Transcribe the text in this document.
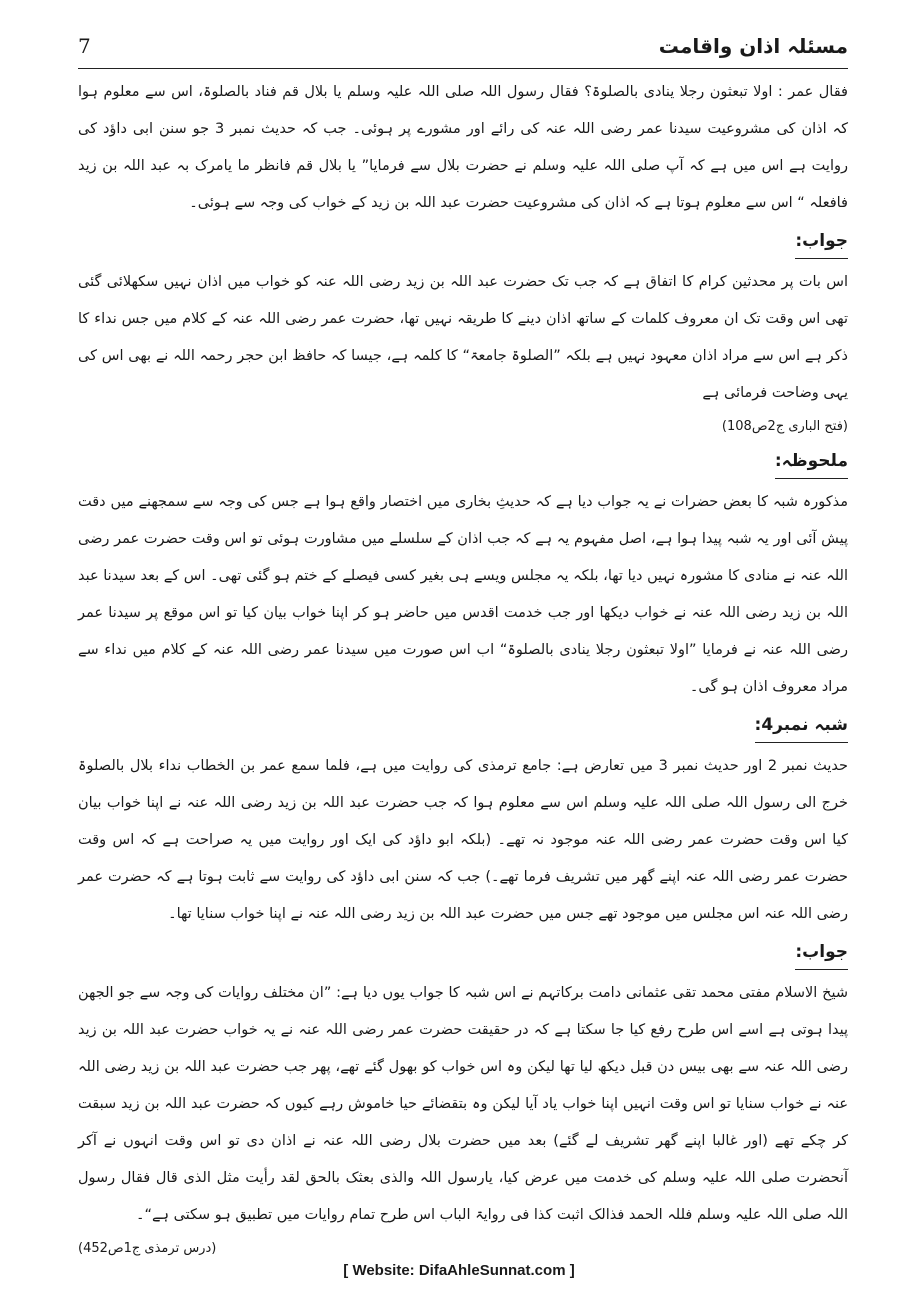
7	مسئلہ اذان واقامت

فقال عمر : اولا تبعثون رجلا ینادی بالصلوۃ؟ فقال رسول اللہ صلی اللہ علیہ وسلم یا بلال قم فناد بالصلوۃ، اس سے معلوم ہوا کہ اذان کی مشروعیت سیدنا عمر رضی اللہ عنہ کی رائے اور مشورے پر ہوئی۔ جب کہ حدیث نمبر 3 جو سنن ابی داؤد کی روایت ہے اس میں ہے کہ آپ صلی اللہ علیہ وسلم نے حضرت بلال سے فرمایا” یا بلال قم فانظر ما یامرک بہ عبد اللہ بن زید فافعلہ “ اس سے معلوم ہوتا ہے کہ اذان کی مشروعیت حضرت عبد اللہ بن زید کے خواب کی وجہ سے ہوئی۔

جواب:

اس بات پر محدثین کرام کا اتفاق ہے کہ جب تک حضرت عبد اللہ بن زید رضی اللہ عنہ کو خواب میں اذان نہیں سکھلائی گئی تھی اس وقت تک ان معروف کلمات کے ساتھ اذان دینے کا طریقہ نہیں تھا، حضرت عمر رضی اللہ عنہ کے کلام میں جس نداء کا ذکر ہے اس سے مراد اذان معہود نہیں ہے بلکہ ”الصلوۃ جامعۃ“ کا کلمہ ہے، جیسا کہ حافظ ابن حجر رحمہ اللہ نے بھی اس کی یہی وضاحت فرمائی ہے

(فتح الباری ج2ص108)
ملحوظہ:

مذکورہ شبہ کا بعض حضرات نے یہ جواب دیا ہے کہ حدیثِ بخاری میں اختصار واقع ہوا ہے جس کی وجہ سے سمجھنے میں دقت پیش آئی اور یہ شبہ پیدا ہوا ہے، اصل مفہوم یہ ہے کہ جب اذان کے سلسلے میں مشاورت ہوئی تو اس وقت حضرت عمر رضی اللہ عنہ نے منادی کا مشورہ نہیں دیا تھا، بلکہ یہ مجلس ویسے ہی بغیر کسی فیصلے کے ختم ہو گئی تھی۔ اس کے بعد سیدنا عبد اللہ بن زید رضی اللہ عنہ نے خواب دیکھا اور جب خدمت اقدس میں حاضر ہو کر اپنا خواب بیان کیا تو اس موقع پر سیدنا عمر رضی اللہ عنہ نے فرمایا ”اولا تبعثون رجلا ینادی بالصلوۃ“ اب اس صورت میں سیدنا عمر رضی اللہ عنہ کے کلام میں نداء سے مراد معروف اذان ہو گی۔

شبہ نمبر4:

حدیث نمبر 2 اور حدیث نمبر 3 میں تعارض ہے: جامع ترمذی کی روایت میں ہے، فلما سمع عمر بن الخطاب نداء بلال بالصلوۃ خرج الی رسول اللہ صلی اللہ علیہ وسلم اس سے معلوم ہوا کہ جب حضرت عبد اللہ بن زید رضی اللہ عنہ نے اپنا خواب بیان کیا اس وقت حضرت عمر رضی اللہ عنہ موجود نہ تھے۔ (بلکہ ابو داؤد کی ایک اور روایت میں یہ صراحت ہے کہ اس وقت حضرت عمر رضی اللہ عنہ اپنے گھر میں تشریف فرما تھے۔) جب کہ سنن ابی داؤد کی روایت سے ثابت ہوتا ہے کہ حضرت عمر رضی اللہ عنہ اس مجلس میں موجود تھے جس میں حضرت عبد اللہ بن زید رضی اللہ عنہ نے اپنا خواب سنایا تھا۔

جواب:

شیخ الاسلام مفتی محمد تقی عثمانی دامت برکاتہم نے اس شبہ کا جواب یوں دیا ہے: ”ان مختلف روایات کی وجہ سے جو الجھن پیدا ہوتی ہے اسے اس طرح رفع کیا جا سکتا ہے کہ در حقیقت حضرت عمر رضی اللہ عنہ نے یہ خواب حضرت عبد اللہ بن زید رضی اللہ عنہ سے بھی بیس دن قبل دیکھ لیا تھا لیکن وہ اس خواب کو بھول گئے تھے، پھر جب حضرت عبد اللہ بن زید رضی اللہ عنہ نے خواب سنایا تو اس وقت انہیں اپنا خواب یاد آیا لیکن وہ بتقضائے حیا خاموش رہے کیوں کہ حضرت عبد اللہ بن زید سبقت کر چکے تھے (اور غالبا اپنے گھر تشریف لے گئے) بعد میں حضرت بلال رضی اللہ عنہ نے اذان دی تو اس وقت انہوں نے آکر آنحضرت صلی اللہ علیہ وسلم کی خدمت میں عرض کیا، یارسول اللہ والذی بعثک بالحق لقد رأیت مثل الذی قال فقال رسول اللہ صلی اللہ علیہ وسلم فللہ الحمد فذالک اثبت کذا فی روایۃ الباب اس طرح تمام روایات میں تطبیق ہو سکتی ہے“۔

(درس ترمذی ج1ص452)
[ Website: DifaAhleSunnat.com ]
